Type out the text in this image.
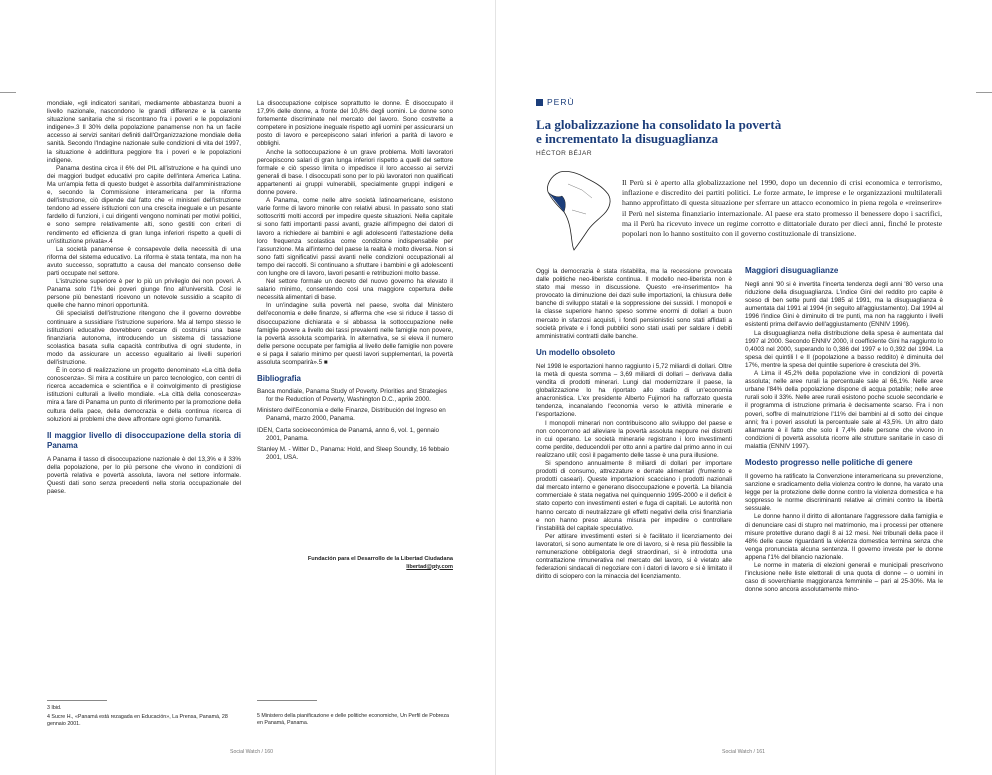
mondiale, «gli indicatori sanitari, mediamente abbastanza buoni a livello nazionale, nascondono le grandi differenze e la carente situazione sanitaria che si riscontrano fra i poveri e le popolazioni indigene».3 Il 30% della popolazione panamense non ha un facile accesso ai servizi sanitari definiti dall'Organizzazione mondiale della sanità. Secondo l'Indagine nazionale sulle condizioni di vita del 1997, la situazione è addirittura peggiore fra i poveri e le popolazioni indigene.

Panama destina circa il 6% del PIL all'istruzione e ha quindi uno dei maggiori budget educativi pro capite dell'intera America Latina. Ma un'ampia fetta di questo budget è assorbita dall'amministrazione e, secondo la Commissione interamericana per la riforma dell'istruzione, ciò dipende dal fatto che «i ministeri dell'istruzione tendono ad essere istituzioni con una crescita ineguale e un pesante fardello di funzioni, i cui dirigenti vengono nominati per motivi politici, e sono sempre relativamente alti, sono gestiti con criteri di rendimento ed efficienza di gran lunga inferiori rispetto a quelli di un'istituzione privata».4

La società panamense è consapevole della necessità di una riforma del sistema educativo. La riforma è stata tentata, ma non ha avuto successo, soprattutto a causa del mancato consenso delle parti occupate nel settore.

L'istruzione superiore è per lo più un privilegio dei non poveri. A Panama solo l'1% dei poveri giunge fino all'università. Così le persone più benestanti ricevono un notevole sussidio a scapito di quelle che hanno minori opportunità.

Gli specialisti dell'istruzione ritengono che il governo dovrebbe continuare a sussidiare l'istruzione superiore. Ma al tempo stesso le istituzioni educative dovrebbero cercare di costruirsi una base finanziaria autonoma, introducendo un sistema di tassazione scolastica basata sulla capacità contributiva di ogni studente, in modo da assicurare un accesso egualitario ai livelli superiori dell'istruzione.

È in corso di realizzazione un progetto denominato «La città della conoscenza». Si mira a costituire un parco tecnologico, con centri di ricerca accademica e scientifica e il coinvolgimento di prestigiose istituzioni culturali a livello mondiale. «La città della conoscenza» mira a fare di Panama un punto di riferimento per la promozione della cultura della pace, della democrazia e della continua ricerca di soluzioni ai problemi che deve affrontare ogni giorno l'umanità.

Il maggior livello di disoccupazione della storia di Panama

A Panama il tasso di disoccupazione nazionale è del 13,3% e il 33% della popolazione, per lo più persone che vivono in condizioni di povertà relativa e povertà assoluta, lavora nel settore informale. Questi dati sono senza precedenti nella storia occupazionale del paese.

La disoccupazione colpisce soprattutto le donne. È disoccupato il 17,9% delle donne, a fronte del 10,8% degli uomini. Le donne sono fortemente discriminate nel mercato del lavoro. Sono costrette a competere in posizione ineguale rispetto agli uomini per assicurarsi un posto di lavoro e percepiscono salari inferiori a parità di lavoro e obblighi.

Anche la sottoccupazione è un grave problema. Molti lavoratori percepiscono salari di gran lunga inferiori rispetto a quelli del settore formale e ciò spesso limita o impedisce il loro accesso ai servizi generali di base. I disoccupati sono per lo più lavoratori non qualificati appartenenti ai gruppi vulnerabili, specialmente gruppi indigeni e donne povere.

A Panama, come nelle altre società latinoamericane, esistono varie forme di lavoro minorile con relativi abusi. In passato sono stati sottoscritti molti accordi per impedire queste situazioni. Nella capitale si sono fatti importanti passi avanti, grazie all'impegno dei datori di lavoro a richiedere ai bambini e agli adolescenti l'attestazione della loro frequenza scolastica come condizione indispensabile per l'assunzione. Ma all'interno del paese la realtà è molto diversa. Non si sono fatti significativi passi avanti nelle condizioni occupazionali al tempo dei raccolti. Si continuano a sfruttare i bambini e gli adolescenti con lunghe ore di lavoro, lavori pesanti e retribuzioni molto basse.

Nel settore formale un decreto del nuovo governo ha elevato il salario minimo, consentendo così una maggiore copertura delle necessità alimentari di base.

In un'indagine sulla povertà nel paese, svolta dal Ministero dell'economia e delle finanze, si afferma che «se si riduce il tasso di disoccupazione dichiarata e si abbassa la sottoccupazione nelle famiglie povere a livello dei tassi prevalenti nelle famiglie non povere, la povertà assoluta scomparirà. In alternativa, se si eleva il numero delle persone occupate per famiglia al livello delle famiglie non povere e si paga il salario minimo per questi lavori supplementari, la povertà assoluta scomparirà».5 ■

Bibliografia

Banca mondiale, Panama Study of Poverty. Priorities and Strategies for the Reduction of Poverty, Washington D.C., aprile 2000.

Ministero dell'Economia e delle Finanze, Distribución del Ingreso en Panamá, marzo 2000, Panama.

IDEN, Carta socioeconómica de Panamá, anno 6, vol. 1, gennaio 2001, Panama.

Stanley M. - Witter D., Panama: Hold, and Sleep Soundly, 16 febbaio 2001, USA.

Fundación para el Desarrollo de la Libertad Ciudadana
libertad@pty.com

3 Ibid.

4 Sucre H., «Panamá está rezagada en Educación», La Prensa, Panamá, 28 gennaio 2001.

5 Ministero della pianificazione e delle politiche economiche, Un Perfil de Pobreza en Panamá, Panama.

Social Watch / 160
PERÙ
La globalizzazione ha consolidato la povertà
e incrementato la disuguaglianza
HÉCTOR BÉJAR
Il Perù si è aperto alla globalizzazione nel 1990, dopo un decennio di crisi economica e terrorismo, inflazione e discredito dei partiti politici. Le forze armate, le imprese e le organizzazioni multilaterali hanno approfittato di questa situazione per sferrare un attacco economico in piena regola e «reinserire» il Perù nel sistema finanziario internazionale. Al paese era stato promesso il benessere dopo i sacrifici, ma il Perù ha ricevuto invece un regime corrotto e dittatoriale durato per dieci anni, finché le proteste popolari non lo hanno sostituito con il governo costituzionale di transizione.

Oggi la democrazia è stata ristabilita, ma la recessione provocata dalle politiche neo-liberiste continua. Il modello neo-liberista non è stato mai messo in discussione. Questo «re-inserimento» ha provocato la diminuzione dei dazi sulle importazioni, la chiusura delle banche di sviluppo statali e la soppressione dei sussidi. I monopoli e la classe superiore hanno speso somme enormi di dollari a buon mercato in sfarzosi acquisti, i fondi pensionistici sono stati affidati a società private e i fondi pubblici sono stati usati per saldare i debiti amministrativi contratti dalle banche.

Un modello obsoleto

Nel 1998 le esportazioni hanno raggiunto i 5,72 miliardi di dollari. Oltre la metà di questa somma – 3,69 miliardi di dollari – derivava dalla vendita di prodotti minerari. Lungi dal modernizzare il paese, la globalizzazione lo ha riportato allo stadio di un'economia anacronistica. L'ex presidente Alberto Fujimori ha rafforzato questa tendenza, incanalando l'economia verso le attività minerarie e l'esportazione.

I monopoli minerari non contribuiscono allo sviluppo del paese e non concorrono ad alleviare la povertà assoluta neppure nei distretti in cui operano. Le società minerarie registrano i loro investimenti come perdite, deducendoli per otto anni a partire dal primo anno in cui realizzano utili; così il pagamento delle tasse è una pura illusione.

Si spendono annualmente 8 miliardi di dollari per importare prodotti di consumo, attrezzature e derrate alimentari (frumento e prodotti caseari). Queste importazioni scacciano i prodotti nazionali dal mercato interno e generano disoccupazione e povertà. La bilancia commerciale è stata negativa nel quinquennio 1995-2000 e il deficit è stato coperto con investimenti esteri e fuga di capitali. Le autorità non hanno cercato di neutralizzare gli effetti negativi della crisi finanziaria e non hanno preso alcuna misura per impedire o controllare l'instabilità del capitale speculativo.

Per attirare investimenti esteri si è facilitato il licenziamento dei lavoratori, si sono aumentate le ore di lavoro, si è resa più flessibile la remunerazione obbligatoria degli straordinari, si è introdotta una contrattazione rimunerativa nel mercato del lavoro, si è vietato alle federazioni sindacali di negoziare con i datori di lavoro e si è limitato il diritto di sciopero con la minaccia del licenziamento.

Maggiori disuguaglianze

Negli anni '90 si è invertita l'incerta tendenza degli anni '80 verso una riduzione della disuguaglianza. L'indice Gini del reddito pro capite è sceso di ben sette punti dal 1985 al 1991, ma la disuguaglianza è aumentata dal 1991 al 1994 (in seguito all'aggiustamento). Dal 1994 al 1996 l'indice Gini è diminuito di tre punti, ma non ha raggiunto i livelli esistenti prima dell'avvio dell'aggiustamento (ENNIV 1996).

La disuguaglianza nella distribuzione della spesa è aumentata dal 1997 al 2000. Secondo ENNIV 2000, il coefficiente Gini ha raggiunto lo 0,4003 nel 2000, superando lo 0,386 del 1997 e lo 0,392 del 1994. La spesa dei quintili I e II (popolazione a basso reddito) è diminuita del 17%, mentre la spesa del quintile superiore è cresciuta del 3%.

A Lima il 45,2% della popolazione vive in condizioni di povertà assoluta; nelle aree rurali la percentuale sale al 66,1%. Nelle aree urbane l'84% della popolazione dispone di acqua potabile; nelle aree rurali solo il 33%. Nelle aree rurali esistono poche scuole secondarie e il programma di istruzione primaria è decisamente scarso. Fra i non poveri, soffre di malnutrizione l'11% dei bambini al di sotto dei cinque anni; fra i poveri assoluti la percentuale sale al 43,5%. Un altro dato allarmante è il fatto che solo il 7,4% delle persone che vivono in condizioni di povertà assoluta ricorre alle strutture sanitarie in caso di malattia (ENNIV 1997).

Modesto progresso nelle politiche di genere

Il governo ha ratificato la Convenzione interamericana su prevenzione, sanzione e sradicamento della violenza contro le donne, ha varato una legge per la protezione delle donne contro la violenza domestica e ha soppresso le norme discriminanti relative ai crimini contro la libertà sessuale.

Le donne hanno il diritto di allontanare l'aggressore dalla famiglia e di denunciare casi di stupro nel matrimonio, ma i processi per ottenere misure protettive durano dagli 8 ai 12 mesi. Nei tribunali della pace il 48% delle cause riguardanti la violenza domestica termina senza che venga pronunciata alcuna sentenza. Il governo investe per le donne appena l'1% del bilancio nazionale.

Le norme in materia di elezioni generali e municipali prescrivono l'inclusione nelle liste elettorali di una quota di donne – o uomini in caso di soverchiante maggioranza femminile – pari al 25-30%. Ma le donne sono ancora assolutamente mino-

Social Watch / 161
